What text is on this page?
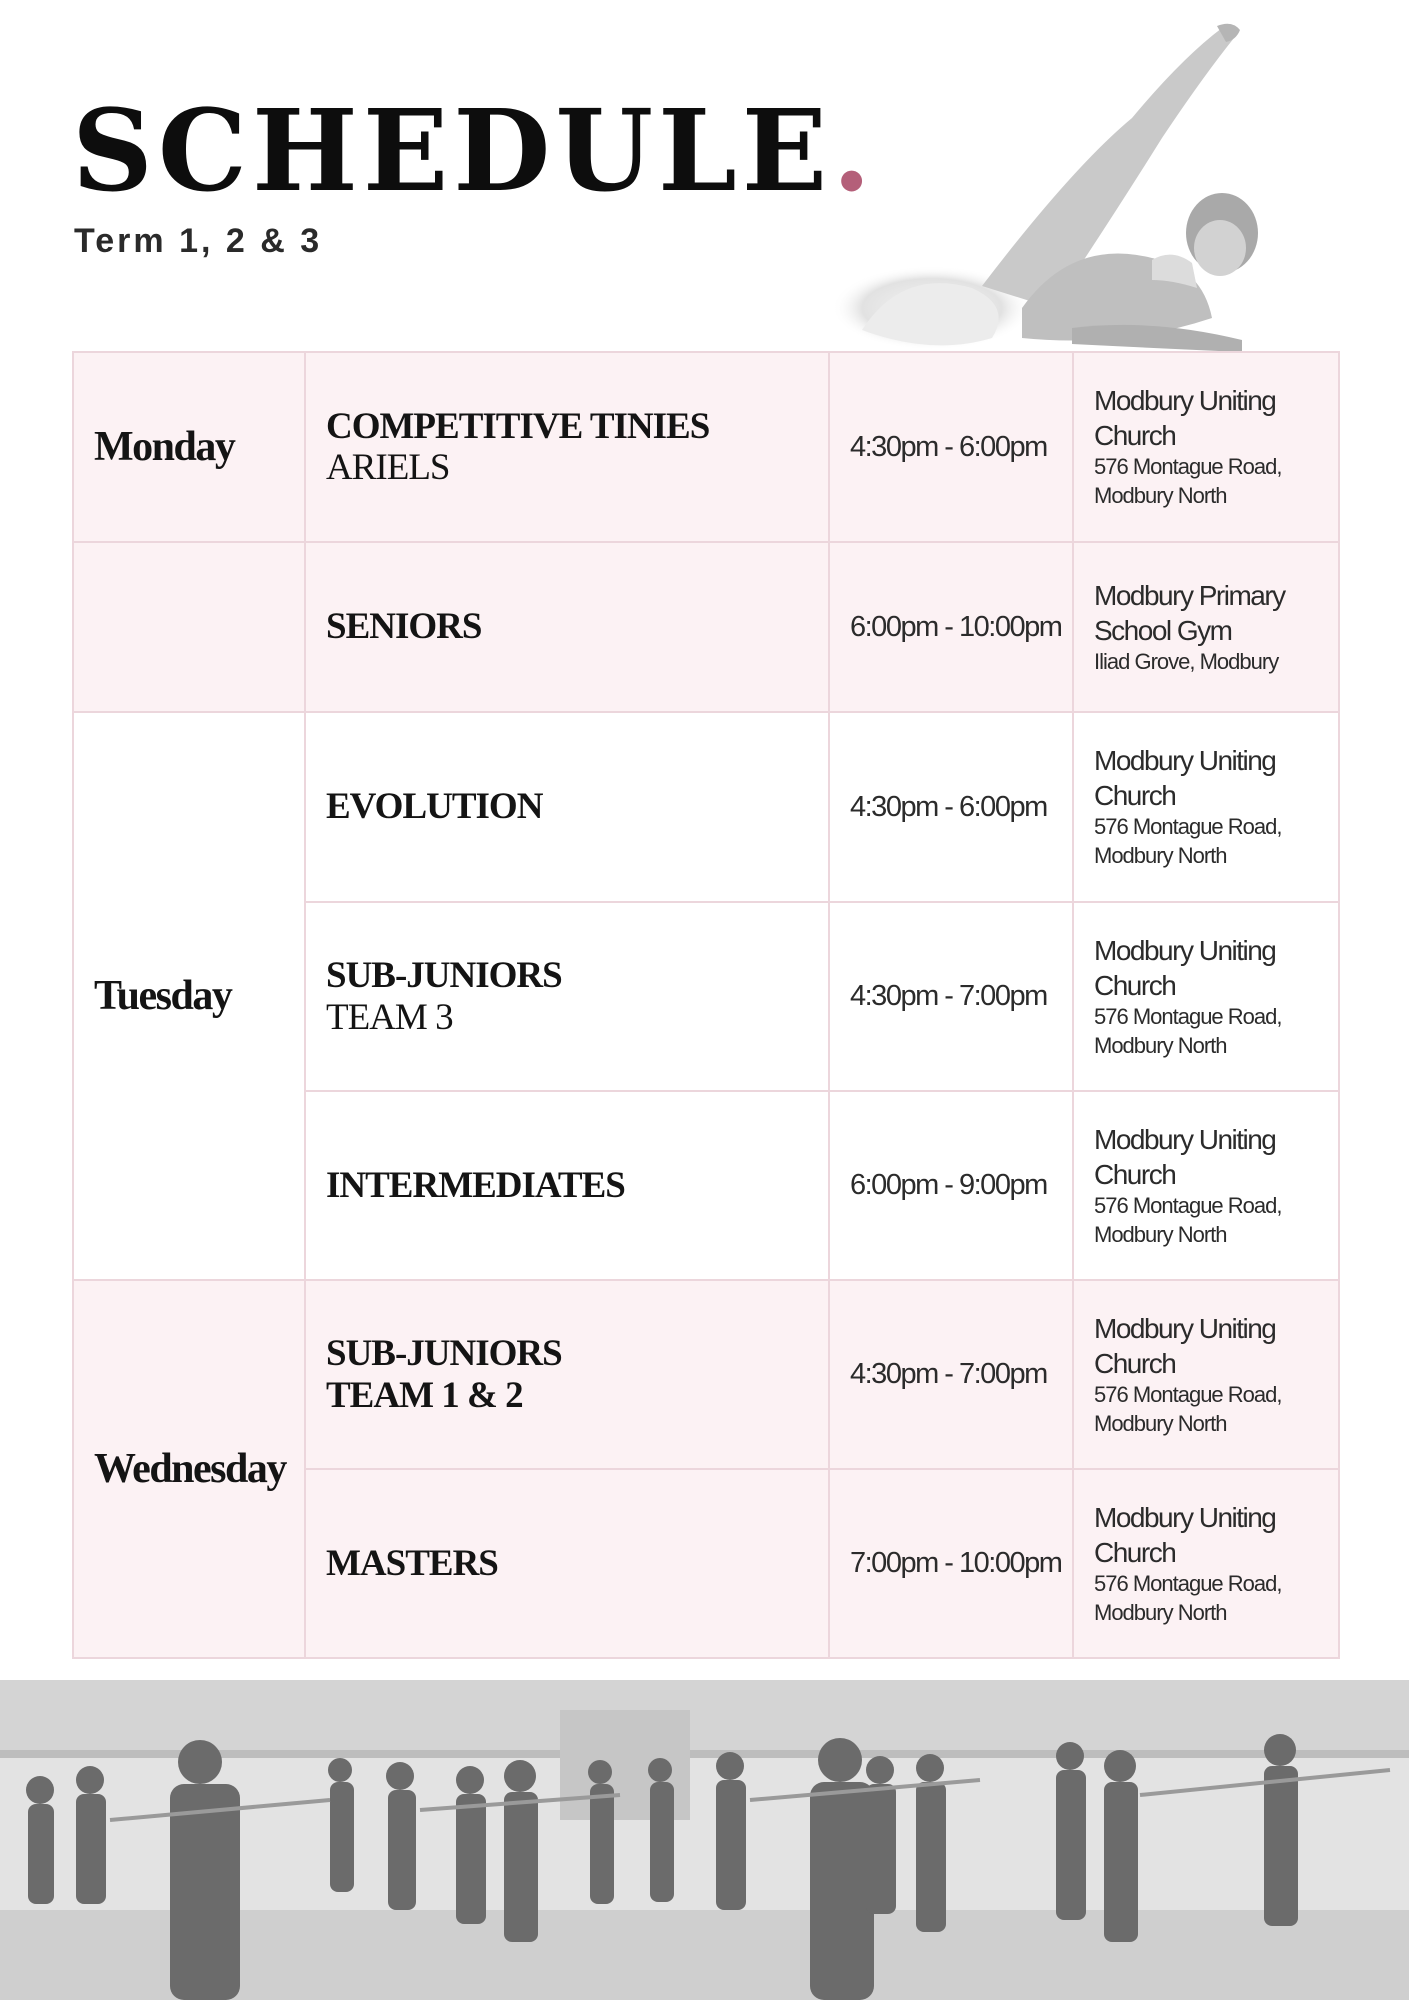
SCHEDULE.
Term 1, 2 & 3
Monday	COMPETITIVE TINIES
ARIELS	4:30pm - 6:00pm	Modbury Uniting Church
576 Montague Road, Modbury North

	SENIORS	6:00pm - 10:00pm	Modbury Primary School Gym
Iliad Grove, Modbury

Tuesday	EVOLUTION	4:30pm - 6:00pm	Modbury Uniting Church
576 Montague Road, Modbury North

	SUB-JUNIORS
TEAM 3	4:30pm - 7:00pm	Modbury Uniting Church
576 Montague Road, Modbury North

	INTERMEDIATES	6:00pm - 9:00pm	Modbury Uniting Church
576 Montague Road, Modbury North

Wednesday	SUB-JUNIORS
TEAM 1 & 2	4:30pm - 7:00pm	Modbury Uniting Church
576 Montague Road, Modbury North

	MASTERS	7:00pm - 10:00pm	Modbury Uniting Church
576 Montague Road, Modbury North
